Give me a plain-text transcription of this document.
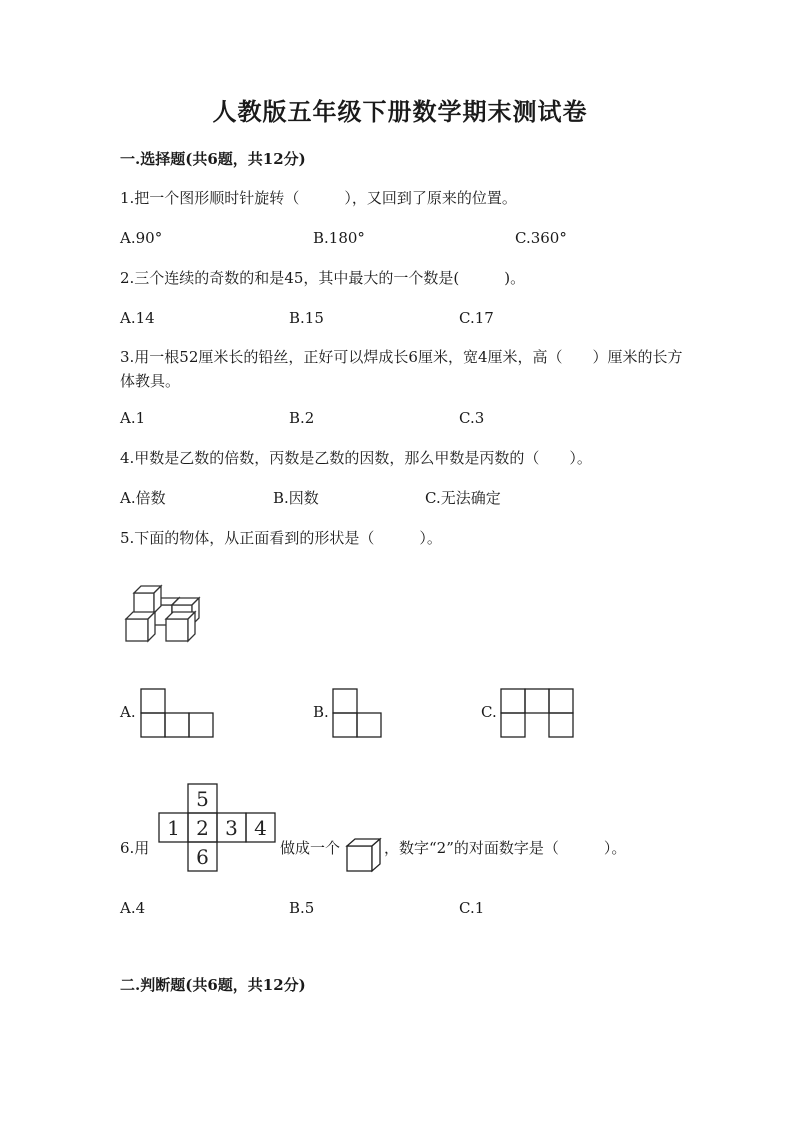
人教版五年级下册数学期末测试卷
一.选择题(共6题，共12分)
1.把一个图形顺时针旋转（　　　），又回到了原来的位置。
A.90°	B.180°	C.360°
2.三个连续的奇数的和是45，其中最大的一个数是(　　　)。
A.14	B.15	C.17
3.用一根52厘米长的铅丝，正好可以焊成长6厘米，宽4厘米，高（　　）厘米的长方体教具。
A.1	B.2	C.3
4.甲数是乙数的倍数，丙数是乙数的因数，那么甲数是丙数的（　　）。
A.倍数	B.因数	C.无法确定
5.下面的物体，从正面看到的形状是（　　　）。
A.	B.	C.
6.用
5
1 2 3 4
6	做成一个	，数字“2”的对面数字是（　　　）。
A.4	B.5	C.1
二.判断题(共6题，共12分)
